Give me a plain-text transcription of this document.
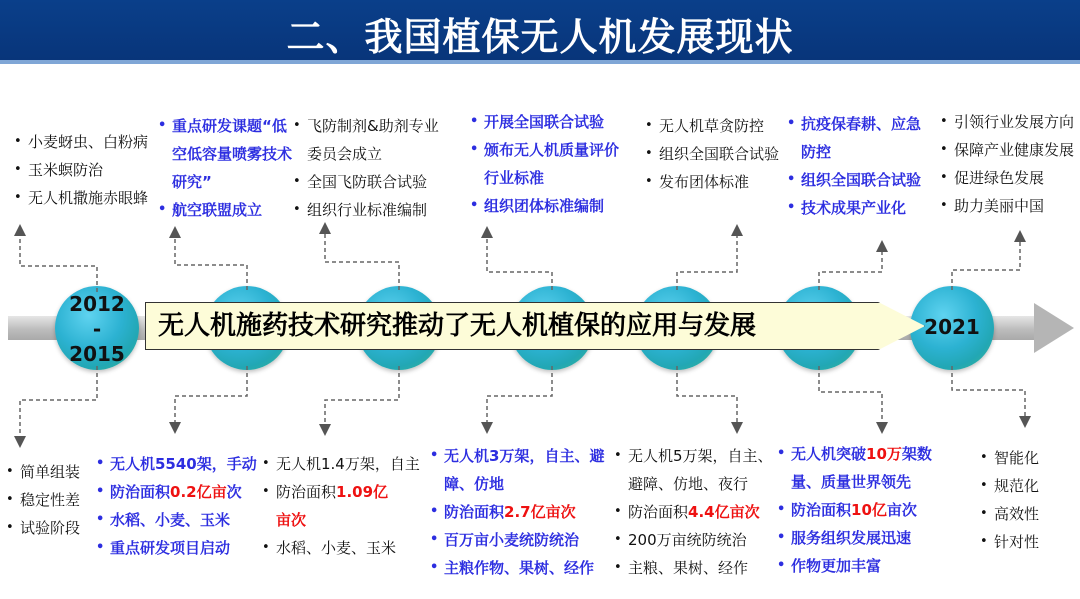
二、我国植保无人机发展现状
2012
-
2015
2021
无人机施药技术研究推动了无人机植保的应用与发展
• 小麦蚜虫、白粉病
• 玉米螟防治
• 无人机撒施赤眼蜂
• 重点研发课题“低空低容量喷雾技术研究”
• 航空联盟成立
• 飞防制剂&助剂专业委员会成立
• 全国飞防联合试验
• 组织行业标准编制
• 开展全国联合试验
• 颁布无人机质量评价行业标准
• 组织团体标准编制
• 无人机草贪防控
• 组织全国联合试验
• 发布团体标准
• 抗疫保春耕、应急防控
• 组织全国联合试验
• 技术成果产业化
• 引领行业发展方向
• 保障产业健康发展
• 促进绿色发展
• 助力美丽中国
• 简单组装
• 稳定性差
• 试验阶段
• 无人机5540架，手动
• 防治面积0.2亿亩次
• 水稻、小麦、玉米
• 重点研发项目启动
• 无人机1.4万架，自主
• 防治面积1.09亿亩次
• 水稻、小麦、玉米
• 无人机3万架，自主、避障、仿地
• 防治面积2.7亿亩次
• 百万亩小麦统防统治
• 主粮作物、果树、经作
• 无人机5万架，自主、避障、仿地、夜行
• 防治面积4.4亿亩次
• 200万亩统防统治
• 主粮、果树、经作
• 无人机突破10万架数量、质量世界领先
• 防治面积10亿亩次
• 服务组织发展迅速
• 作物更加丰富
• 智能化
• 规范化
• 高效性
• 针对性
